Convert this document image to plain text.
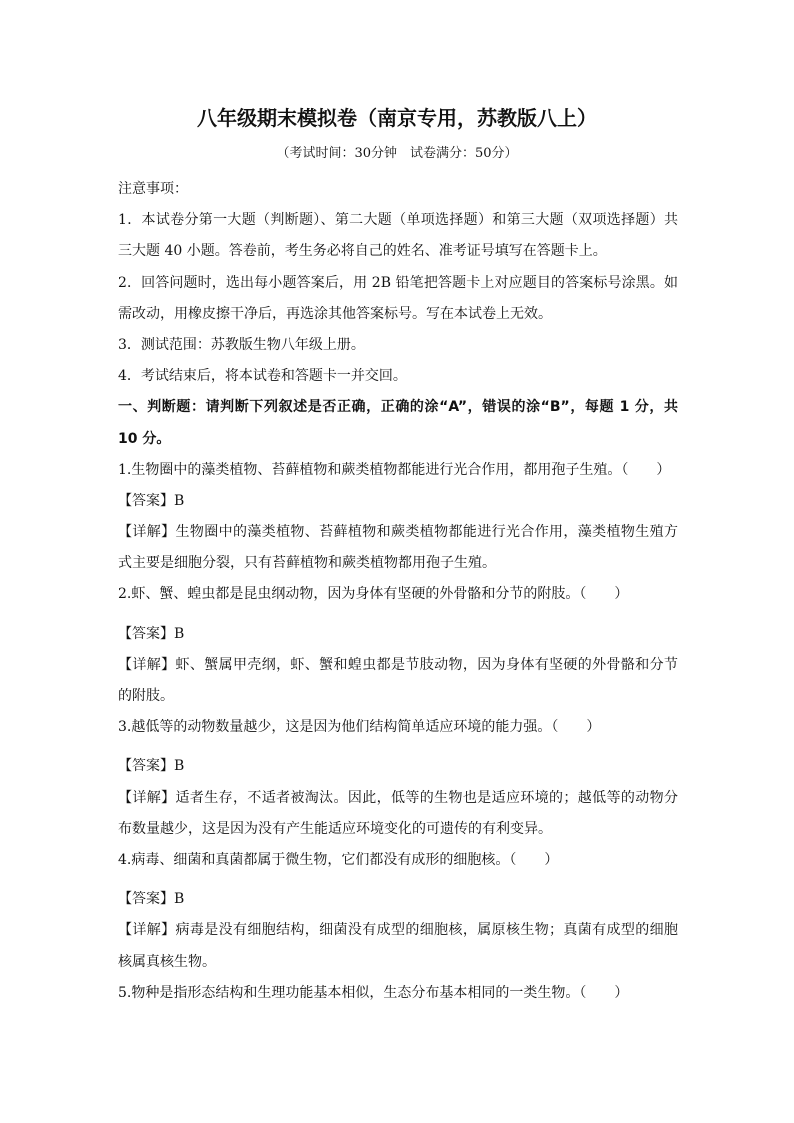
八年级期末模拟卷（南京专用，苏教版八上）
（考试时间：30分钟　试卷满分：50分）
注意事项：
1．本试卷分第一大题（判断题）、第二大题（单项选择题）和第三大题（双项选择题）共
三大题 40 小题。答卷前，考生务必将自己的姓名、准考证号填写在答题卡上。
2．回答问题时，选出每小题答案后，用 2B 铅笔把答题卡上对应题目的答案标号涂黑。如
需改动，用橡皮擦干净后，再选涂其他答案标号。写在本试卷上无效。
3．测试范围：苏教版生物八年级上册。
4．考试结束后，将本试卷和答题卡一并交回。
一、判断题：请判断下列叙述是否正确，正确的涂“A”，错误的涂“B”，每题 1 分，共
10 分。
1.生物圈中的藻类植物、苔藓植物和蕨类植物都能进行光合作用，都用孢子生殖。（　　）
【答案】B
【详解】生物圈中的藻类植物、苔藓植物和蕨类植物都能进行光合作用，藻类植物生殖方
式主要是细胞分裂，只有苔藓植物和蕨类植物都用孢子生殖。
2.虾、蟹、蝗虫都是昆虫纲动物，因为身体有坚硬的外骨骼和分节的附肢。（　　）
【答案】B
【详解】虾、蟹属甲壳纲，虾、蟹和蝗虫都是节肢动物，因为身体有坚硬的外骨骼和分节
的附肢。
3.越低等的动物数量越少，这是因为他们结构简单适应环境的能力强。（　　）
【答案】B
【详解】适者生存，不适者被淘汰。因此，低等的生物也是适应环境的；越低等的动物分
布数量越少，这是因为没有产生能适应环境变化的可遗传的有利变异。
4.病毒、细菌和真菌都属于微生物，它们都没有成形的细胞核。（　　）
【答案】B
【详解】病毒是没有细胞结构，细菌没有成型的细胞核，属原核生物；真菌有成型的细胞
核属真核生物。
5.物种是指形态结构和生理功能基本相似，生态分布基本相同的一类生物。（　　）
